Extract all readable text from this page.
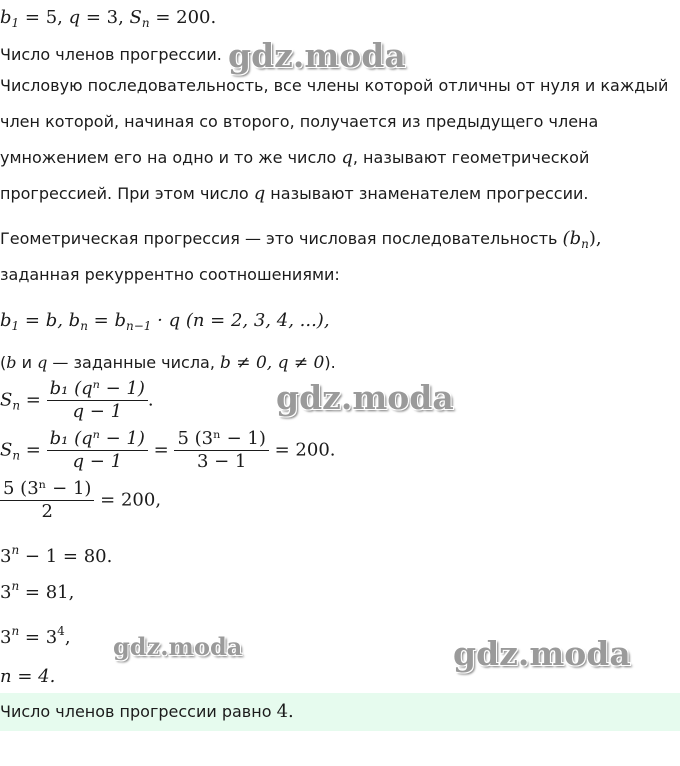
$b_1 = 5$, q = 3, $S_n = 200$.
Число членов прогрессии.
Числовую последовательность, все члены которой отличны от нуля и каждый
член которой, начиная со второго, получается из предыдущего члена
умножением его на одно и то же число q, называют геометрической
прогрессией. При этом число q называют знаменателем прогрессии.
Геометрическая прогрессия — это числовая последовательность $(b_n)$,
заданная рекуррентно соотношениями:
$b_1 = b$, $b_n = b_{n-1} \cdot q$ (n = 2, 3, 4, ...),
(b и q — заданные числа, b ≠ 0, q ≠ 0).
$S_n = \frac{\text{b₁ (qⁿ − 1)}}{q - 1}$ .
$S_n = \frac{\text{b₁ (qⁿ − 1)}}{q - 1} = \frac{\text{5 (3ⁿ − 1)}}{3 - 1} = 200$.
$\frac{\text{5 (3ⁿ − 1)}}{2} = 200$,
$3^n - 1 = 80$.
$3^n = 81$,
$3^n = 3^4$,
n = 4.
Число членов прогрессии равно 4.
gdz.moda
gdz.moda
gdz.moda	gdz.moda
